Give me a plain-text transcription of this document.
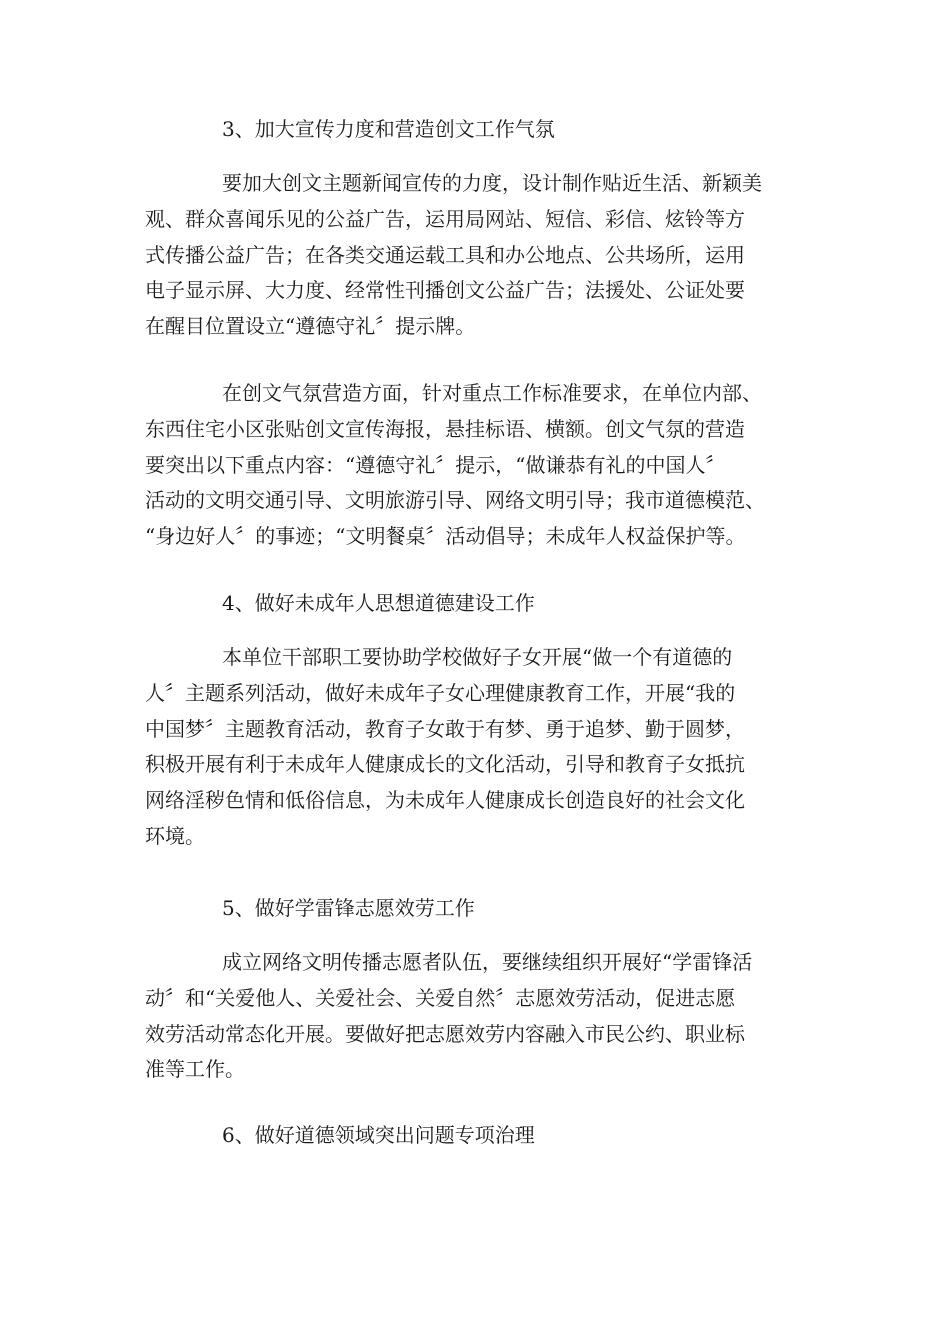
3、加大宣传力度和营造创文工作气氛
要加大创文主题新闻宣传的力度，设计制作贴近生活、新颖美
观、群众喜闻乐见的公益广告，运用局网站、短信、彩信、炫铃等方
式传播公益广告；在各类交通运载工具和办公地点、公共场所，运用
电子显示屏、大力度、经常性刊播创文公益广告；法援处、公证处要
在醒目位置设立“遵德守礼〞提示牌。
在创文气氛营造方面，针对重点工作标准要求，在单位内部、
东西住宅小区张贴创文宣传海报，悬挂标语、横额。创文气氛的营造
要突出以下重点内容：“遵德守礼〞提示，“做谦恭有礼的中国人〞
活动的文明交通引导、文明旅游引导、网络文明引导；我市道德模范、
“身边好人〞的事迹；“文明餐桌〞活动倡导；未成年人权益保护等。
4、做好未成年人思想道德建设工作
本单位干部职工要协助学校做好子女开展“做一个有道德的
人〞主题系列活动，做好未成年子女心理健康教育工作，开展“我的
中国梦〞主题教育活动，教育子女敢于有梦、勇于追梦、勤于圆梦，
积极开展有利于未成年人健康成长的文化活动，引导和教育子女抵抗
网络淫秽色情和低俗信息，为未成年人健康成长创造良好的社会文化
环境。
5、做好学雷锋志愿效劳工作
成立网络文明传播志愿者队伍，要继续组织开展好“学雷锋活
动〞和“关爱他人、关爱社会、关爱自然〞志愿效劳活动，促进志愿
效劳活动常态化开展。要做好把志愿效劳内容融入市民公约、职业标
准等工作。
6、做好道德领域突出问题专项治理
